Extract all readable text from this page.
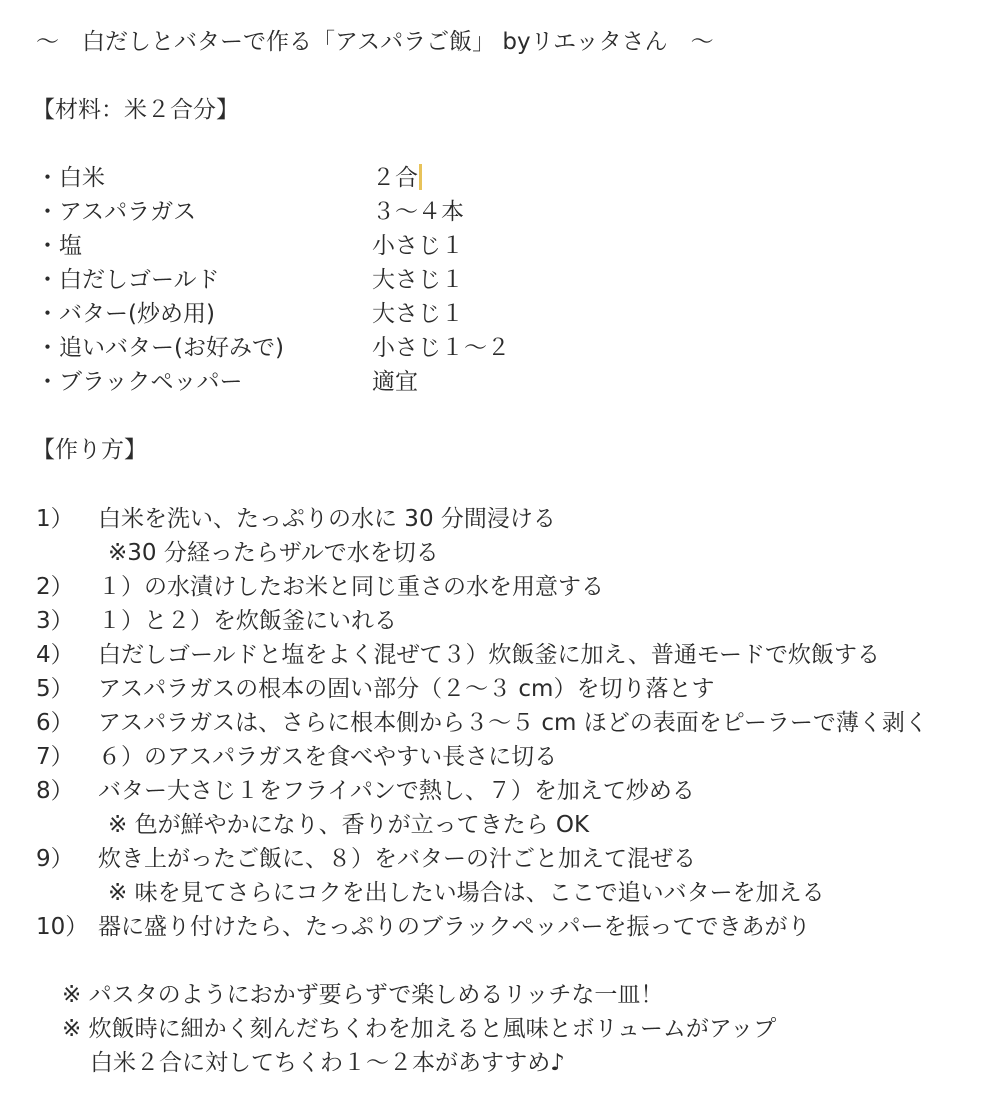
〜　白だしとバターで作る「アスパラご飯」 byリエッタさん　〜
【材料：米２合分】
・白米	２合
・アスパラガス	３〜４本
・塩	小さじ１
・白だしゴールド	大さじ１
・バター(炒め用)	大さじ１
・追いバター(お好みで)	小さじ１〜２
・ブラックペッパー	適宜
【作り方】
1）	白米を洗い、たっぷりの水に 30 分間浸ける
※30 分経ったらザルで水を切る
2）	１）の水漬けしたお米と同じ重さの水を用意する
3）	１）と２）を炊飯釜にいれる
4）	白だしゴールドと塩をよく混ぜて３）炊飯釜に加え、普通モードで炊飯する
5）	アスパラガスの根本の固い部分（２〜３ cm）を切り落とす
6）	アスパラガスは、さらに根本側から３〜５ cm ほどの表面をピーラーで薄く剥く
7）	６）のアスパラガスを食べやすい長さに切る
8）	バター大さじ１をフライパンで熱し、７）を加えて炒める
※ 色が鮮やかになり、香りが立ってきたら OK
9）	炊き上がったご飯に、８）をバターの汁ごと加えて混ぜる
※ 味を見てさらにコクを出したい場合は、ここで追いバターを加える
10） 器に盛り付けたら、たっぷりのブラックペッパーを振ってできあがり
※ パスタのようにおかず要らずで楽しめるリッチな一皿！
※ 炊飯時に細かく刻んだちくわを加えると風味とボリュームがアップ
白米２合に対してちくわ１〜２本があすすめ♪
